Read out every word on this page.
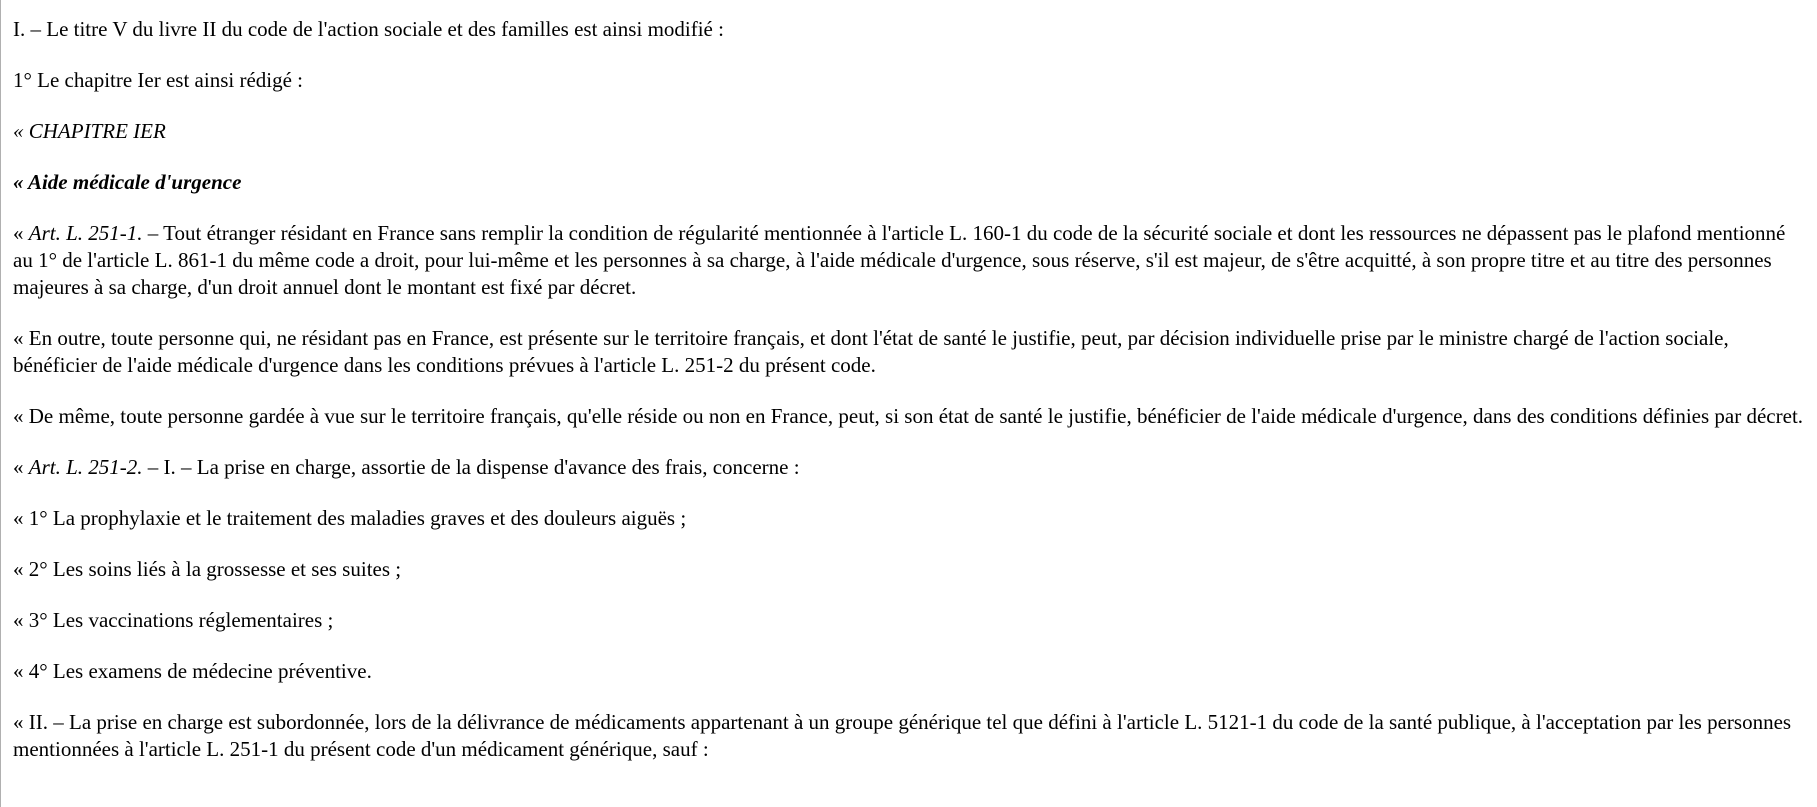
I. – Le titre V du livre II du code de l'action sociale et des familles est ainsi modifié :

1° Le chapitre Ier est ainsi rédigé :

« CHAPITRE IER

« Aide médicale d'urgence

« Art. L. 251-1. – Tout étranger résidant en France sans remplir la condition de régularité mentionnée à l'article L. 160-1 du code de la sécurité sociale et dont les ressources ne dépassent pas le plafond mentionné au 1° de l'article L. 861-1 du même code a droit, pour lui-même et les personnes à sa charge, à l'aide médicale d'urgence, sous réserve, s'il est majeur, de s'être acquitté, à son propre titre et au titre des personnes majeures à sa charge, d'un droit annuel dont le montant est fixé par décret.

« En outre, toute personne qui, ne résidant pas en France, est présente sur le territoire français, et dont l'état de santé le justifie, peut, par décision individuelle prise par le ministre chargé de l'action sociale, bénéficier de l'aide médicale d'urgence dans les conditions prévues à l'article L. 251-2 du présent code.

« De même, toute personne gardée à vue sur le territoire français, qu'elle réside ou non en France, peut, si son état de santé le justifie, bénéficier de l'aide médicale d'urgence, dans des conditions définies par décret.

« Art. L. 251-2. – I. – La prise en charge, assortie de la dispense d'avance des frais, concerne :

« 1° La prophylaxie et le traitement des maladies graves et des douleurs aiguës ;

« 2° Les soins liés à la grossesse et ses suites ;

« 3° Les vaccinations réglementaires ;

« 4° Les examens de médecine préventive.

« II. – La prise en charge est subordonnée, lors de la délivrance de médicaments appartenant à un groupe générique tel que défini à l'article L. 5121-1 du code de la santé publique, à l'acceptation par les personnes mentionnées à l'article L. 251-1 du présent code d'un médicament générique, sauf :
